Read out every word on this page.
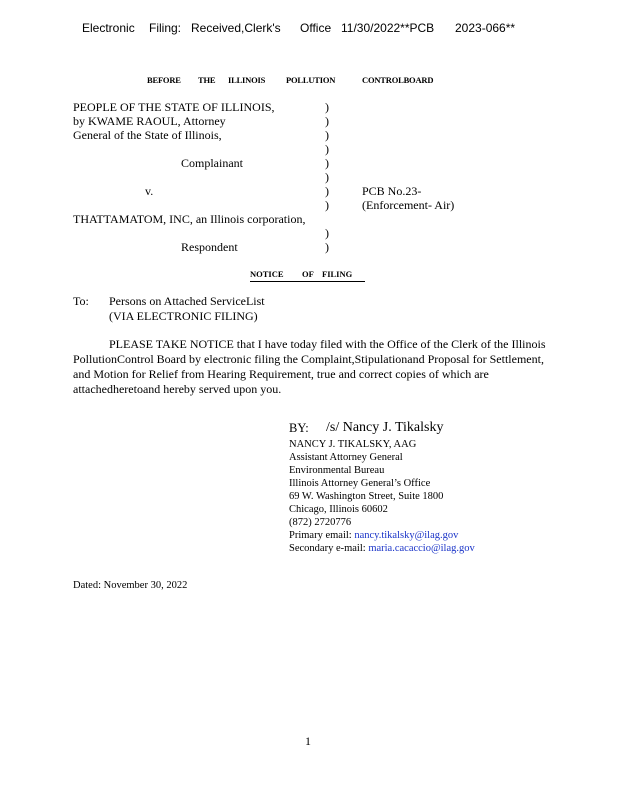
Electronic Filing: Received,Clerk's Office 11/30/2022**PCB 2023-066**
BEFORE THE ILLINOIS POLLUTION	CONTROLBOARD
PEOPLE OF THE STATE OF ILLINOIS,
by KWAME RAOUL, Attorney
General of the State of Illinois,
Complainant
v.
THATTAMATOM, INC, an Illinois corporation,
Respondent
)
)
)
)
)
)
)
)
)
)
PCB No.23-
(Enforcement- Air)
NOTICE OF FILING
To: Persons on Attached ServiceList
(VIA ELECTRONIC FILING)
PLEASE TAKE NOTICE that I have today filed with the Office of the Clerk of the Illinois PollutionControl Board by electronic filing the Complaint,Stipulationand Proposal for Settlement, and Motion for Relief from Hearing Requirement, true and correct copies of which are attachedheretoand hereby served upon you.
BY: /s/ Nancy J. Tikalsky
NANCY J. TIKALSKY, AAG
Assistant Attorney General
Environmental Bureau
Illinois Attorney General’s Office
69 W. Washington Street, Suite 1800
Chicago, Illinois 60602
(872) 2720776
Primary email: nancy.tikalsky@ilag.gov
Secondary e-mail: maria.cacaccio@ilag.gov
Dated: November 30, 2022
1
